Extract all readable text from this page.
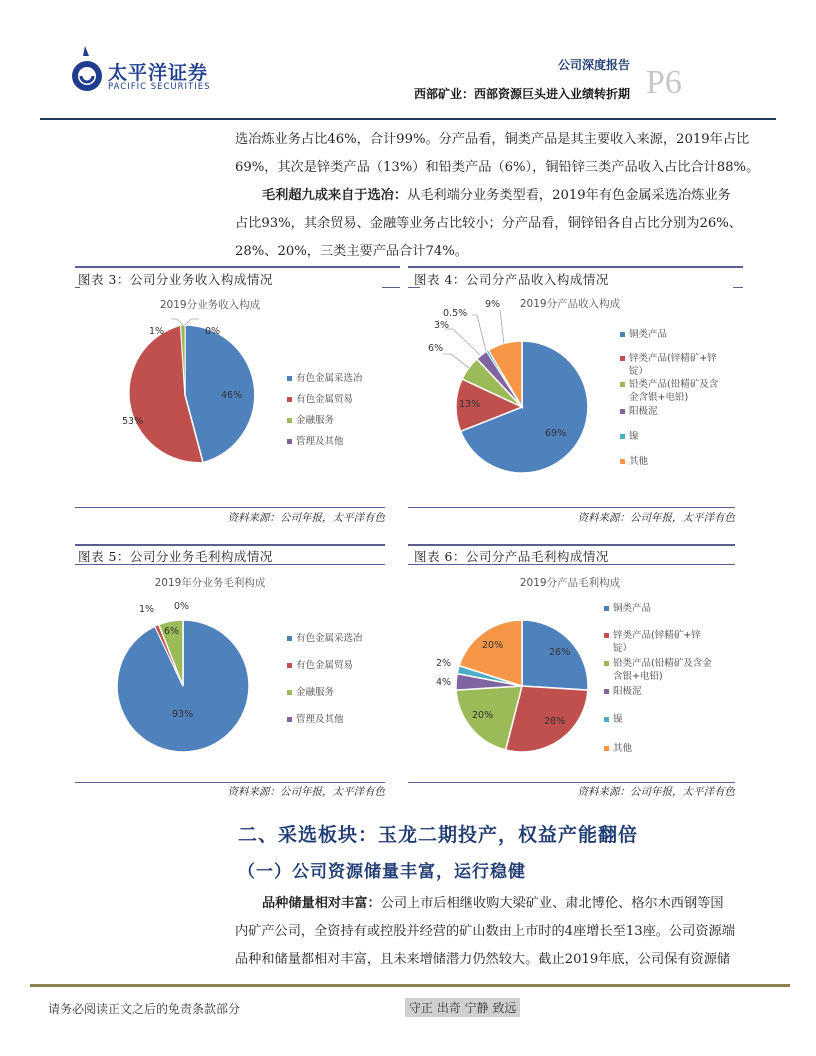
太平洋证券
PACIFIC SECURITIES
公司深度报告
西部矿业：西部资源巨头进入业绩转折期 P6
选冶炼业务占比46%，合计99%。分产品看，铜类产品是其主要收入来源，2019年占比
69%，其次是锌类产品（13%）和铅类产品（6%），铜铅锌三类产品收入占比合计88%。
毛利超九成来自于选冶：从毛利端分业务类型看，2019年有色金属采选冶炼业务
占比93%，其余贸易、金融等业务占比较小；分产品看，铜锌铅各自占比分别为26%、
28%、20%，三类主要产品合计74%。
图表 3：公司分业务收入构成情况
2019分业务收入构成
46%
53%
1%	0%
有色金属采选冶
有色金属贸易
金融服务
管理及其他
资料来源：公司年报，太平洋有色
图表 4：公司分产品收入构成情况
2019分产品收入构成
69%
13%
6%
3%
0.5%
9%
铜类产品
锌类产品(锌精矿+锌
锭）
铅类产品(铅精矿及含
金含银+电铅)
阳极泥
镍
其他
资料来源：公司年报，太平洋有色
图表 5：公司分业务毛利构成情况
2019年分业务毛利构成
93%
1%
6%
0%
有色金属采选冶
有色金属贸易
金融服务
管理及其他
资料来源：公司年报，太平洋有色
图表 6：公司分产品毛利构成情况
2019分产品毛利构成
26%
28%
20%
4%
2%
20%
铜类产品
锌类产品(锌精矿+锌
锭）
铅类产品(铅精矿及含金
含银+电铅)
阳极泥
镍
其他
资料来源：公司年报，太平洋有色
二、采选板块：玉龙二期投产，权益产能翻倍
（一）公司资源储量丰富，运行稳健
品种储量相对丰富：公司上市后相继收购大梁矿业、肃北博伦、格尔木西钢等国
内矿产公司，全资持有或控股并经营的矿山数由上市时的4座增长至13座。公司资源端
品种和储量都相对丰富，且未来增储潜力仍然较大。截止2019年底，公司保有资源储
请务必阅读正文之后的免责条款部分	守正 出奇 宁静 致远
